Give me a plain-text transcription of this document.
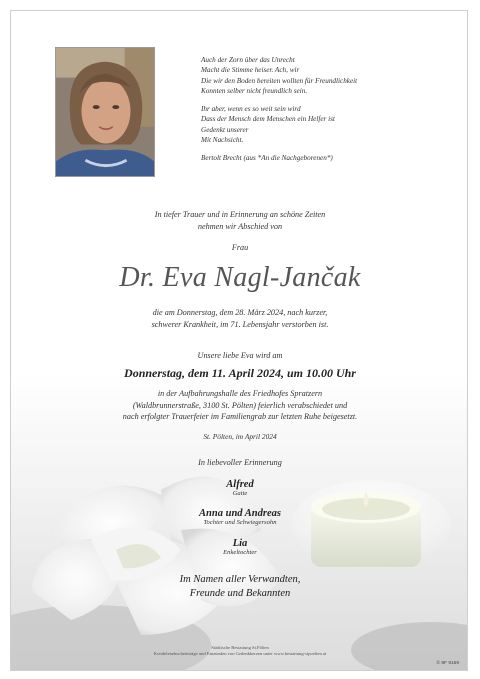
Auch der Zorn über das Unrecht
Macht die Stimme heiser. Ach, wir
Die wir den Boden bereiten wollten für Freundlichkeit
Konnten selber nicht freundlich sein.

Ihr aber, wenn es so weit sein wird
Dass der Mensch dem Menschen ein Helfer ist
Gedenkt unserer
Mit Nachsicht.

Bertolt Brecht (aus *An die Nachgeborenen*)

In tiefer Trauer und in Erinnerung an schöne Zeiten
nehmen wir Abschied von
Frau
Dr. Eva Nagl-Jančak
die am Donnerstag, dem 28. März 2024, nach kurzer,
schwerer Krankheit, im 71. Lebensjahr verstorben ist.
Unsere liebe Eva wird am
Donnerstag, dem 11. April 2024, um 10.00 Uhr
in der Aufbahrungshalle des Friedhofes Spratzern
(Waldbrunnerstraße, 3100 St. Pölten) feierlich verabschiedet und
nach erfolgter Trauerfeier im Familiengrab zur letzten Ruhe beigesetzt.
St. Pölten, im April 2024
In liebevoller Erinnerung
Alfred
Gatte
Anna und Andreas
Tochter und Schwiegersohn
Lia
Enkeltochter
Im Namen aller Verwandten,
Freunde und Bekannten
Städtische Bestattung St.Pölten
Kondolenzbucheinträge und Entzünden von Gedenkkerzen unter www.bestattung-stpoelten.at
© 8F 9159
